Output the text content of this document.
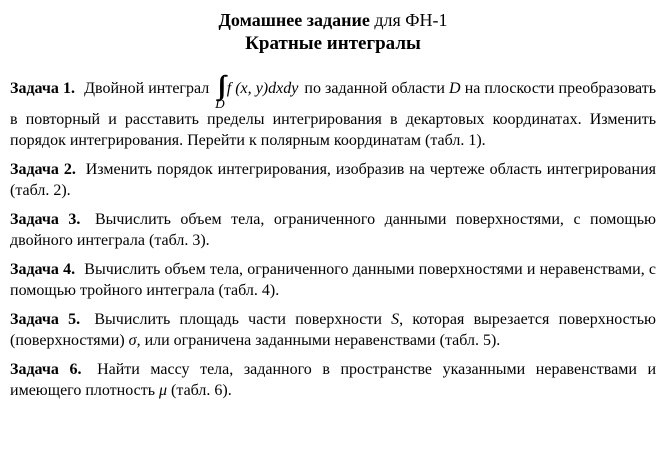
Домашнее задание для ФН-1
Кратные интегралы

Задача 1. Двойной интеграл ∫∫
D
f (x, y)dxdy по заданной области D на плоскости преобразовать в повторный и расставить пределы интегрирования в декартовых координатах. Изменить порядок интегрирования. Перейти к полярным координатам (табл. 1).

Задача 2. Изменить порядок интегрирования, изобразив на чертеже область интегрирования (табл. 2).

Задача 3. Вычислить объем тела, ограниченного данными поверхностями, с помощью двойного интеграла (табл. 3).

Задача 4. Вычислить объем тела, ограниченного данными поверхностями и неравенствами, с помощью тройного интеграла (табл. 4).

Задача 5. Вычислить площадь части поверхности S, которая вырезается поверхностью (поверхностями) σ, или ограничена заданными неравенствами (табл. 5).

Задача 6. Найти массу тела, заданного в пространстве указанными неравенствами и имеющего плотность μ (табл. 6).
